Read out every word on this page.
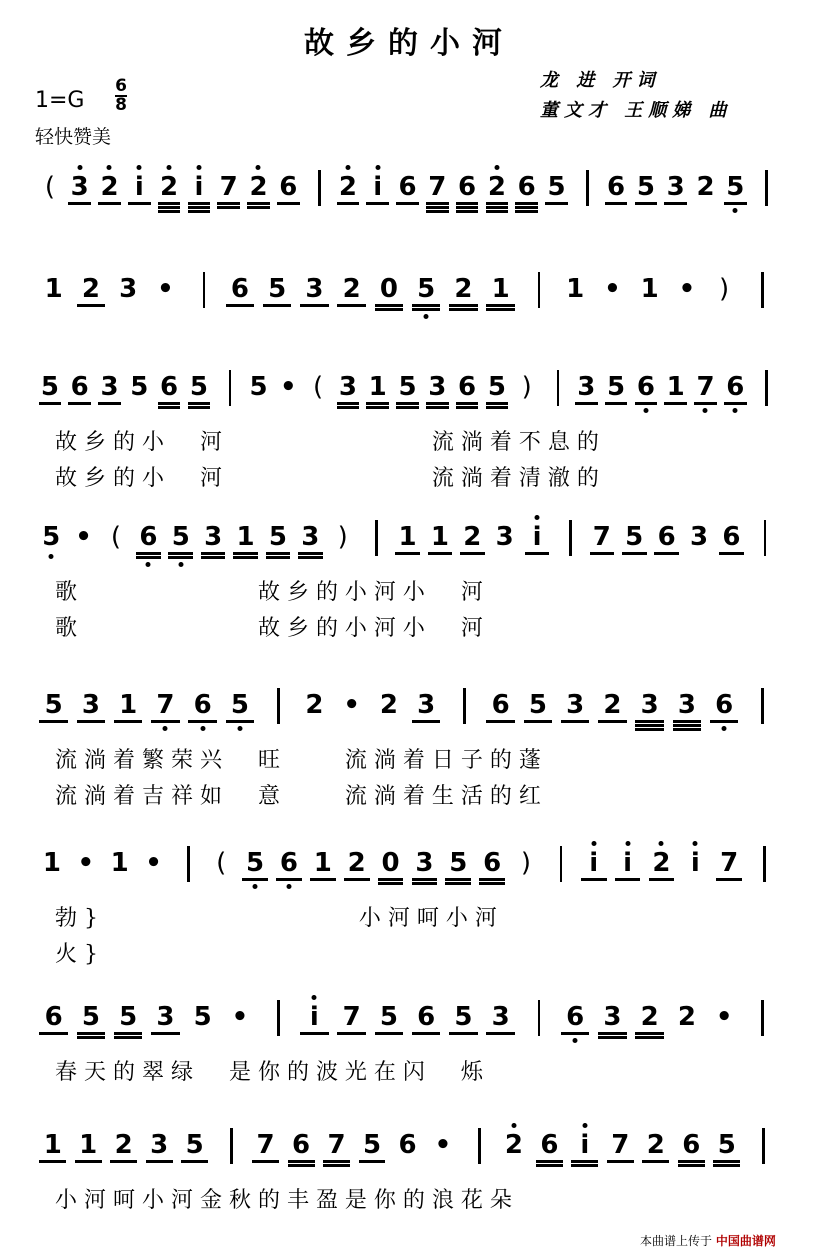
故乡的小河
1=G
6

8
轻快赞美
龙 进 开词
董文才 王顺娣 曲
( 3 2 i 2 i 7 2 6 2 i 6 7 6 2 6 5 6 5 3 2 5
1 2 3 •	6 5 3 2 0 5 2 1	1 • 1 • )
5 6 3 5 6 5 5 • ( 3 1 5 3 6 5 )	3 5 6 1 7 6
故 乡 的 小 　 河 　 　 　 　 　 　 　 流 淌 着 不 息 的
故 乡 的 小 　 河 　 　 　 　 　 　 　 流 淌 着 清 澈 的
5 • ( 6 5 3 1 5 3 )	1 1 2 3 i	7 5 6 3 6
歌 　 　 　 　 　 　 故 乡 的 小 河 小 　 河
歌 　 　 　 　 　 　 故 乡 的 小 河 小 　 河
5 3 1 7 6 5	2 • 2 3	6 5 3 2 3 3 6
流 淌 着 繁 荣 兴 　 旺 　 　 流 淌 着 日 子 的 蓬
流 淌 着 吉 祥 如 　 意 　 　 流 淌 着 生 活 的 红
1 • 1 •	( 5 6 1 2 0 3 5 6 )	i i 2 i 7
勃 }　 　 　 　 　 　 　 　 　 小 河 呵 小 河
火 }
6 5 5 3 5 •	i 7 5 6 5 3	6 3 2 2 •
春 天 的 翠 绿 　 是 你 的 波 光 在 闪 　 烁
1 1 2 3 5	7 6 7 5 6 •	2 6 i 7 2 6 5
小 河 呵 小 河 金 秋 的 丰 盈 是 你 的 浪 花 朵
本曲谱上传于 中国曲谱网
